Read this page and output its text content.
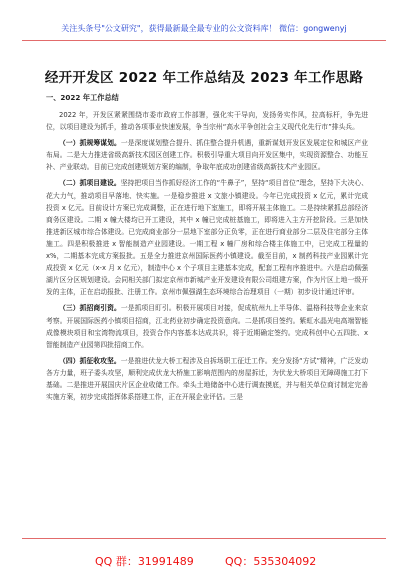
关注头条号"公文研究"，获得最新最全最专业的公文资料库！ 微信：gongwenyj
经开开发区 2022 年工作总结及 2023 年工作思路
一、2022 年工作总结

2022 年，开发区紧紧围绕市委市政府工作部署，强化实干导向，发扬务实作风，拉高标杆，争先进位，以项目建设为抓手，推动各项事业快速发展，争当宗州“高水平争创社会主义现代化先行市”排头兵。

（一）抓规筹谋划。一是深度谋划整合提升、抓住整合提升机遇，重新谋划开发区发展定位和城区产业布局。二是大力推进省级高新技术园区创建工作。积极引导重大项目向开发区集中，实现资源整合、功能互补、产业联动。目前已完成创建规划方案的编制，争取年底成功创建省级高新技术产业园区。

（二）抓项目建设。坚持把项目当作抓好经济工作的“牛鼻子”，坚持“项目首位”理念，坚持下大决心、花大力气，推动项目早落地、快实施。一是稳步推进 x 文旅小镇建设。今年已完成投资 x 亿元，累计完成投资 x 亿元。目前设计方案已完成调整，正在进行地下室施工，即将开展主体施工。二是持续紧抓总部经济商务区建设。二期 x 幢大楼均已开工建设，其中 x 幢已完成桩基施工，即将进入主方开挖阶段。三是加快推进新区城市综合体建设。已完成商业部分一层地下室部分正负零，正在进行商业部分二层及住宅部分主体施工。四是积极推进 x 智能制造产业园建设。一期工程 x 幢厂房和综合楼主体施工中，已完成工程量的 x%，二期基本完成方案报批。五是全力推进京州国际医药小镇建设。截至目前，x 制药科技产业园累计完成投资 x 亿元（x-x 月 x 亿元），制造中心 x 个子项目主建基本完成，配套工程有序推进中。六是启动佩强湖片区分区规划建设。会同相关部门拟定京州市新城产业开发建设有限公司组建方案，作为片区上地一级开发的主体，正在启动报批、注册工作。京州市佩强湖生态环境综合治理项目（一期）初步设计通过评审。

（三）抓招商引资。一是抓项目盯引。积极开展项目对接，促成杭州九上半导体、温格科技等企业来京考察。开展国际医药小镇项目招商，江北药业初步确定投资意向。二是抓项目签约。紫虹水晶光电高端智能成像模块项目和宝湾物流项目，投资合作内容基本达成共识，将于近期确定签约。完成科创中心五四批、x 智能制造产业园第四批招商工作。

（四）抓征收攻坚。一是推进伏龙大桥工程涉及自拆场职工征迁工作。充分发扬“方试”精神，广泛发动各方力量，班子委头攻坚，顺利完成伏龙大桥施工影响范围内的房屋拆迁，为伏龙大桥项目无障碍施工打下基础。二是推进开展国庆片区企业收储工作。牵头土地储备中心进行调查摸底，并与相关单位商讨制定完善实施方案，初步完成指挥体系搭建工作，正在开展企业评估。三是

QQ 群：31991489	QQ：535304092
